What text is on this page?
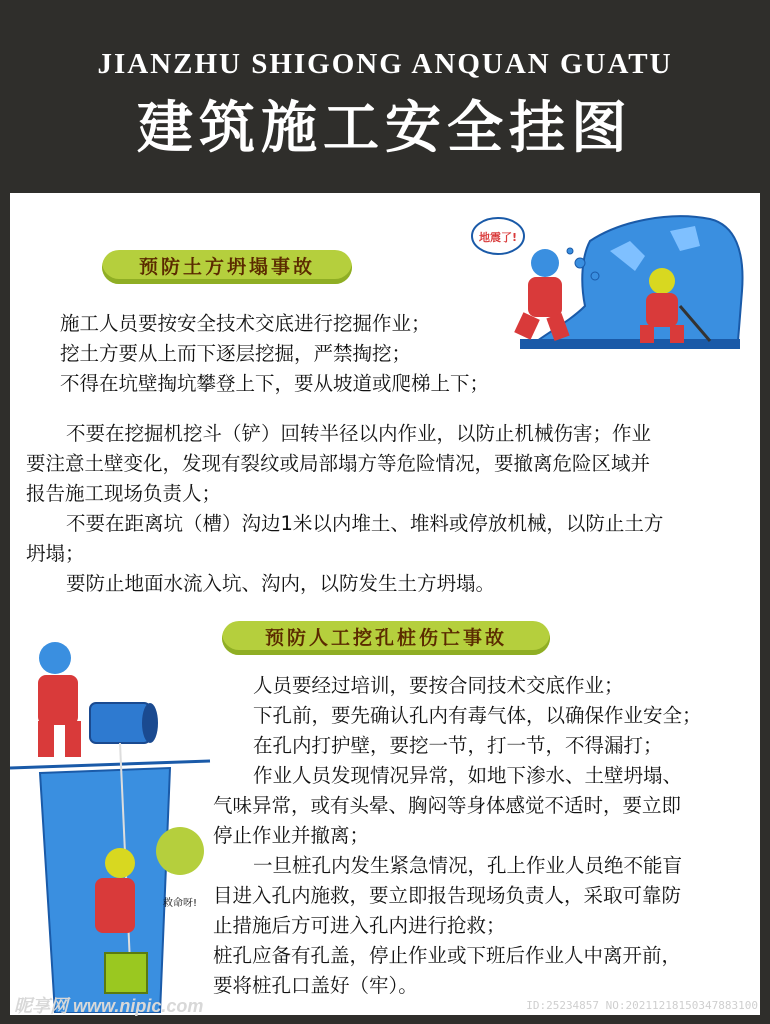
JIANZHU SHIGONG ANQUAN GUATU
建筑施工安全挂图
地震了!
预防土方坍塌事故

施工人员要按安全技术交底进行挖掘作业；

挖土方要从上而下逐层挖掘，严禁掏挖；

不得在坑壁掏坑攀登上下，要从坡道或爬梯上下；

不要在挖掘机挖斗（铲）回转半径以内作业，以防止机械伤害；作业
要注意土壁变化，发现有裂纹或局部塌方等危险情况，要撤离危险区域并
报告施工现场负责人；
不要在距离坑（槽）沟边1米以内堆土、堆料或停放机械，以防止土方
坍塌；
要防止地面水流入坑、沟内，以防发生土方坍塌。
救命呀!
预防人工挖孔桩伤亡事故
人员要经过培训，要按合同技术交底作业；
下孔前，要先确认孔内有毒气体，以确保作业安全；
在孔内打护壁，要挖一节，打一节，不得漏打；
作业人员发现情况异常，如地下渗水、土壁坍塌、
气味异常，或有头晕、胸闷等身体感觉不适时，要立即
停止作业并撤离；
一旦桩孔内发生紧急情况，孔上作业人员绝不能盲
目进入孔内施救，要立即报告现场负责人，采取可靠防
止措施后方可进入孔内进行抢救；
桩孔应备有孔盖，停止作业或下班后作业人中离开前，
要将桩孔口盖好（牢）。
昵享网 www.nipic.com	ID:25234857 NO:20211218150347883100
